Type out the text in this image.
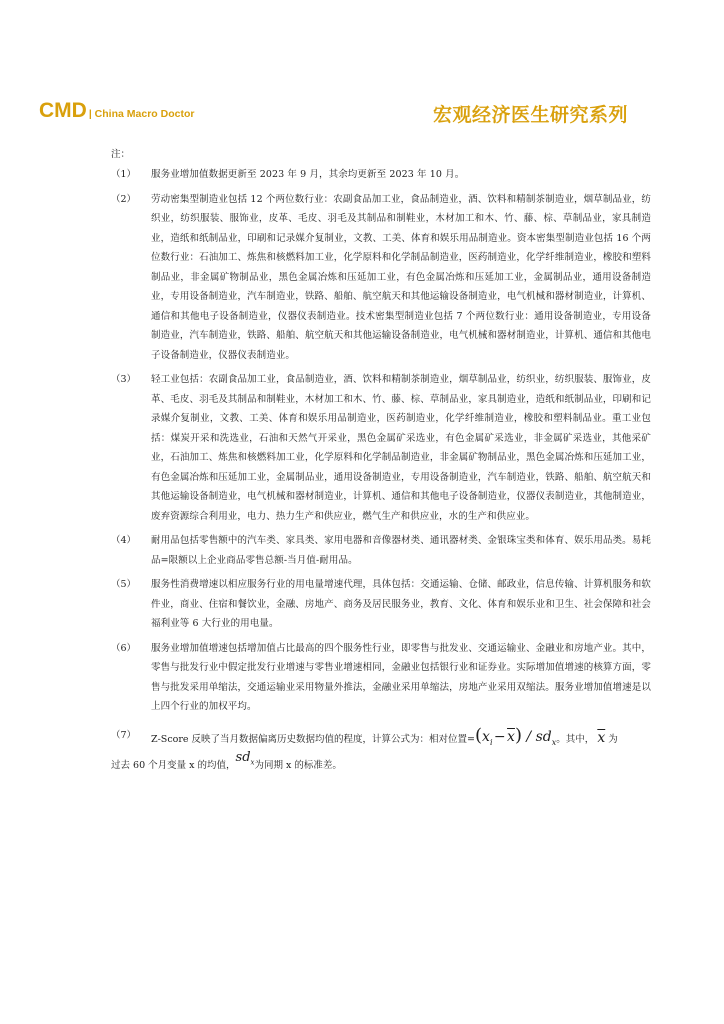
CMD | China Macro Doctor	宏观经济医生研究系列
注：
（1）	服务业增加值数据更新至 2023 年 9 月，其余均更新至 2023 年 10 月。
（2）	劳动密集型制造业包括 12 个两位数行业：农副食品加工业，食品制造业，酒、饮料和精制茶制造业，烟草制品业，纺织业，纺织服装、服饰业，皮革、毛皮、羽毛及其制品和制鞋业，木材加工和木、竹、藤、棕、草制品业，家具制造业，造纸和纸制品业，印刷和记录媒介复制业，文教、工美、体育和娱乐用品制造业。资本密集型制造业包括 16 个两位数行业：石油加工、炼焦和核燃料加工业，化学原料和化学制品制造业，医药制造业，化学纤维制造业，橡胶和塑料制品业，非金属矿物制品业，黑色金属冶炼和压延加工业，有色金属冶炼和压延加工业，金属制品业，通用设备制造业，专用设备制造业，汽车制造业，铁路、船舶、航空航天和其他运输设备制造业，电气机械和器材制造业，计算机、通信和其他电子设备制造业，仪器仪表制造业。技术密集型制造业包括 7 个两位数行业：通用设备制造业，专用设备制造业，汽车制造业，铁路、船舶、航空航天和其他运输设备制造业，电气机械和器材制造业，计算机、通信和其他电子设备制造业，仪器仪表制造业。
（3）	轻工业包括：农副食品加工业，食品制造业，酒、饮料和精制茶制造业，烟草制品业，纺织业，纺织服装、服饰业，皮革、毛皮、羽毛及其制品和制鞋业，木材加工和木、竹、藤、棕、草制品业，家具制造业，造纸和纸制品业，印刷和记录媒介复制业，文教、工美、体育和娱乐用品制造业，医药制造业，化学纤维制造业，橡胶和塑料制品业。重工业包括：煤炭开采和洗选业，石油和天然气开采业，黑色金属矿采选业，有色金属矿采选业，非金属矿采选业，其他采矿业，石油加工、炼焦和核燃料加工业，化学原料和化学制品制造业，非金属矿物制品业，黑色金属冶炼和压延加工业，有色金属冶炼和压延加工业，金属制品业，通用设备制造业，专用设备制造业，汽车制造业，铁路、船舶、航空航天和其他运输设备制造业，电气机械和器材制造业，计算机、通信和其他电子设备制造业，仪器仪表制造业，其他制造业，废弃资源综合利用业，电力、热力生产和供应业，燃气生产和供应业，水的生产和供应业。
（4）	耐用品包括零售额中的汽车类、家具类、家用电器和音像器材类、通讯器材类、金银珠宝类和体育、娱乐用品类。易耗品=限额以上企业商品零售总额-当月值-耐用品。
（5）	服务性消费增速以相应服务行业的用电量增速代理，具体包括：交通运输、仓储、邮政业，信息传输、计算机服务和软件业，商业、住宿和餐饮业，金融、房地产、商务及居民服务业，教育、文化、体育和娱乐业和卫生、社会保障和社会福利业等 6 大行业的用电量。
（6）	服务业增加值增速包括增加值占比最高的四个服务性行业，即零售与批发业、交通运输业、金融业和房地产业。其中，零售与批发行业中假定批发行业增速与零售业增速相同，金融业包括银行业和证券业。实际增加值增速的核算方面，零售与批发采用单缩法，交通运输业采用物量外推法，金融业采用单缩法，房地产业采用双缩法。服务业增加值增速是以上四个行业的加权平均。
（7）	Z-Score 反映了当月数据偏离历史数据均值的程度，计算公式为：相对位置$=(x_i$ − $\overline{x}) / sd_x$。其中， $\overline{x}$ 为
过去 60 个月变量 x 的均值，$sd_x$为同期 x 的标准差。
